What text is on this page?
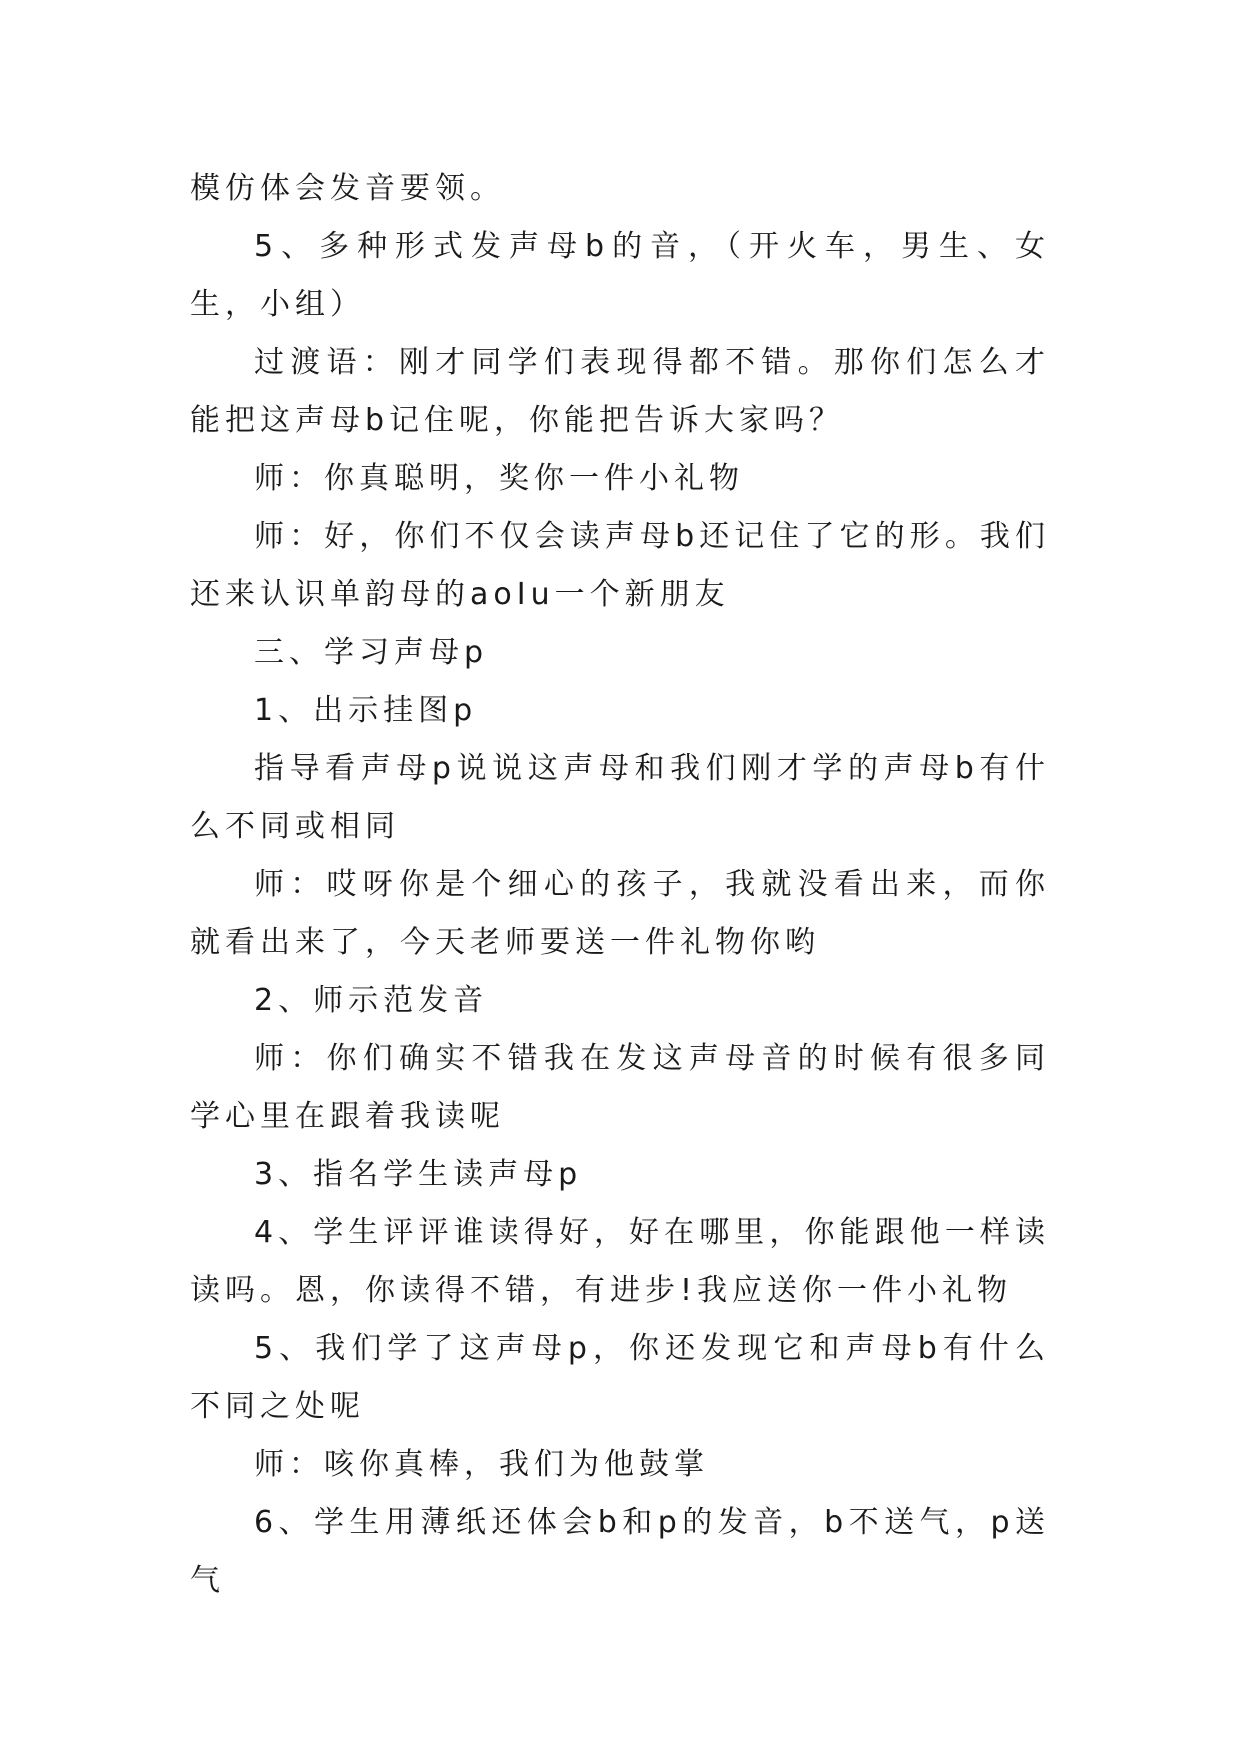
模仿体会发音要领。

5、多种形式发声母b的音，（开火车，男生、女生，小组）

过渡语：刚才同学们表现得都不错。那你们怎么才能把这声母b记住呢，你能把告诉大家吗？

师：你真聪明，奖你一件小礼物

师：好，你们不仅会读声母b还记住了它的形。我们还来认识单韵母的aoIu一个新朋友

三、学习声母p

1、出示挂图p

指导看声母p说说这声母和我们刚才学的声母b有什么不同或相同

师：哎呀你是个细心的孩子，我就没看出来，而你就看出来了，今天老师要送一件礼物你哟

2、师示范发音

师：你们确实不错我在发这声母音的时候有很多同学心里在跟着我读呢

3、指名学生读声母p

4、学生评评谁读得好，好在哪里，你能跟他一样读读吗。恩，你读得不错，有进步!我应送你一件小礼物

5、我们学了这声母p，你还发现它和声母b有什么不同之处呢

师：咳你真棒，我们为他鼓掌

6、学生用薄纸还体会b和p的发音，b不送气，p送气
